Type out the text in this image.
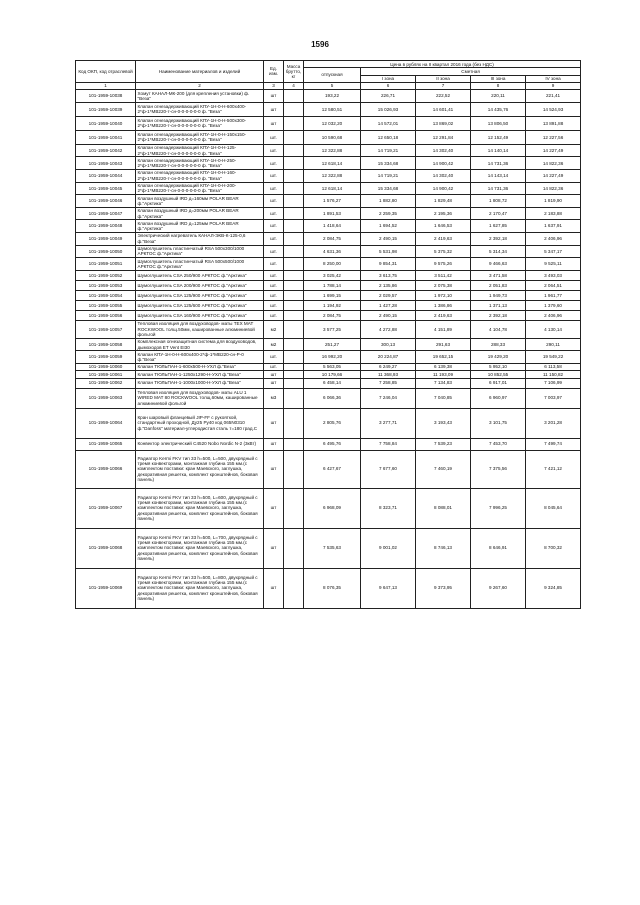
1596
Код ОКП, код отраслевой	Наименование материалов и изделий	Ед. изм.	Масса брутто, кг	Цена в рублях на II квартал 2016 года (без НДС)				
				отпускная	Сметная			
					I зона	II зона	III зона	IV зона
1	2	3	4	5	6	7	8	9
101-1959-10038	Хомут КАНАЛ-МК-200 (для крепления установки) ф. "Веза"	шт		193,22	226,71	222,52	220,11	221,41
101-1959-10039	Клапан огнезадерживающий КПУ-1Н-0-Н-600х400-2*ф-1*МВ220-т-сн-0-0-0-0-0-0 ф. "Веза"	шт		12 580,51	15 026,93	14 601,41	14 435,76	14 524,93
101-1959-10040	Клапан огнезадерживающий КПУ-1Н-0-Н-500х300-2*ф-1*МВ220-т-сн-0-0-0-0-0-0 ф. "Веза"	шт		12 032,20	14 572,01	13 869,02	13 806,50	13 891,88
101-1959-10041	Клапан огнезадерживающий КПУ-1Н-0-Н-150х150-2*ф-1*МВ220-т-сн-0-0-0-0-0-0 ф. "Веза"	шт.		10 590,68	12 650,18	12 291,84	12 152,49	12 227,56
101-1959-10042	Клапан огнезадерживающий КПУ-1Н-0-Н-125-2*ф-1*МВ220-т-сн-0-0-0-0-0-0 ф. "Веза"	шт.		12 322,88	14 719,21	14 302,40	14 140,14	14 227,49
101-1959-10043	Клапан огнезадерживающий КПУ-1Н-0-Н-250-2*ф-1*МВ220-т-сн-0-0-0-0-0-0 ф. "Веза"	шт.		12 618,14	15 334,68	14 900,42	14 731,36	14 822,36
101-1959-10044	Клапан огнезадерживающий КПУ-1Н-0-Н-160-2*ф-1*МВ220-т-сн-0-0-0-0-0-0 ф. "Веза"	шт.		12 322,88	14 719,21	14 302,40	14 143,14	14 227,49
101-1959-10045	Клапан огнезадерживающий КПУ-1Н-0-Н-200-2*ф-1*МВ220-т-сн-0-0-0-0-0-0 ф. "Веза"	шт.		12 618,14	15 334,68	14 900,42	14 731,36	14 822,36
101-1959-10046	Клапан воздушный IRD д=160мм POLAR BEAR ф."Арктика"	шт.		1 576,27	1 882,80	1 829,48	1 808,72	1 819,90
101-1959-10047	Клапан воздушный IRD д=200мм POLAR BEAR ф."Арктика"	шт.		1 891,53	2 259,35	2 195,36	2 170,47	2 183,88
101-1959-10048	Клапан воздушный IRD д=125мм POLAR BEAR ф."Арктика"	шт.		1 418,64	1 694,52	1 646,53	1 627,85	1 637,91
101-1959-10049	Электрический нагреватель КАНАЛ-ЭКВ-К-125-0,6 ф."Веза"	шт.		2 084,75	2 490,15	2 419,63	2 392,18	2 406,96
101-1959-10050	Шумоглушитель пластинчатый RSA 500х300/1000 АРКТОС ф."Арктика"	шт.		4 631,36	5 531,98	5 375,32	5 314,34	5 347,17
101-1959-10051	Шумоглушитель пластинчатый RSA 500х500/1000 АРКТОС ф."Арктика"	шт.		8 250,00	9 854,31	9 575,26	9 466,63	9 525,11
101-1959-10052	Шумоглушитель CSA 250/900 АРКТОС ф."Арктика"	шт.		3 025,42	3 613,75	3 511,42	3 471,58	3 493,03
101-1959-10053	Шумоглушитель CSA 200/900 АРКТОС ф."Арктика"	шт.		1 788,14	2 135,86	2 075,38	2 051,83	2 064,51
101-1959-10054	Шумоглушитель CSA 125/900 АРКТОС ф."Арктика"	шт.		1 699,15	2 029,57	1 972,10	1 949,73	1 961,77
101-1959-10055	Шумоглушитель CSA 125/600 АРКТОС ф."Арктика"	шт.		1 194,92	1 427,28	1 386,86	1 371,13	1 379,60
101-1959-10056	Шумоглушитель CSA 160/900 АРКТОС ф."Арктика"	шт.		2 084,75	2 490,15	2 419,63	2 392,18	2 406,96
101-1959-10057	Тепловая изоляция для воздуховодов- маты TEX MAT ROCKWOOL толщ.50мм, кашированные алюминиевой фольгой	м2		3 577,25	4 272,88	4 151,89	4 104,78	4 130,14
101-1959-10058	Комплексная огнезащитная система для воздуховодов, дымоходов ET Vent EI30	м2		251,27	300,13	291,63	288,33	290,11
101-1959-10059	Клапан КПУ-1Н-0-Н-600х400-2*ф-1*МВ220-сн-Р-0 ф."Веза"	шт.		16 992,20	20 224,87	19 652,15	19 429,20	19 549,22
101-1959-10060	Клапан ТЮЛЬПАН-1-600х500-Н-УХЛ ф."Веза"	шт.		5 563,05	6 249,27	6 139,38	5 952,10	6 113,58
101-1959-10061	Клапан ТЮЛЬПАН-1-1250х1290-Н-УХЛ ф."Веза"	шт		10 179,66	11 368,93	11 193,09	10 852,55	11 150,82
101-1959-10062	Клапан ТЮЛЬПАН-1-1000х1000-Н-УХЛ ф."Веза"	шт		6 458,14	7 258,85	7 134,83	6 917,01	7 106,99
101-1959-10063	Тепловая изоляция для воздуховодов- маты ALU 1 WIRED MAT 80 ROCKWOOL толщ.60мм, кашированные алюминиевой фольгой	м3		6 066,36	7 246,04	7 040,85	6 960,97	7 003,97
101-1959-10064	Кран шаровый фланцевый JIP-FF с рукояткой, стандартный проходной, Ду25 Ру40 код 065N0310 ф."Danfoss" материал-углеродистая сталь т=180 град.С	шт		2 805,76	3 277,71	3 193,43	3 101,75	3 201,28
101-1959-10065	Конвектор электрический C4520 Nobo Nordic N-2 (3кВт)	шт		6 495,76	7 758,84	7 539,23	7 453,70	7 499,74
101-1959-10066	Радиатор Kermi FKV тип 33 h=500, L=500, двухрядный с тремя конвекторами, монтажная глубина 155 мм.(с комплектом поставки: кран Маевского, заглушка, декоративная решетка, комплект кронштейнов, боковая панель)	шт		6 427,67	7 677,60	7 460,19	7 375,56	7 421,12
101-1959-10067	Радиатор Kermi FKV тип 33 h=500, L=600, двухрядный с тремя конвекторами, монтажная глубина 155 мм.(с комплектом поставки: кран Маевского, заглушка, декоративная решетка, комплект кронштейнов, боковая панель)	шт		6 968,09	8 323,71	8 088,01	7 996,25	8 045,64
101-1959-10068	Радиатор Kermi FKV тип 33 h=500, L=700, двухрядный с тремя конвекторами, монтажная глубина 155 мм.(с комплектом поставки: кран Маевского, заглушка, декоративная решетка, комплект кронштейнов, боковая панель)	шт		7 535,63	9 001,02	8 746,13	8 646,91	8 700,32
101-1959-10069	Радиатор Kermi FKV тип 33 h=500, L=800, двухрядный с тремя конвекторами, монтажная глубина 155 мм.(с комплектом поставки: кран Маевского, заглушка, декоративная решетка, комплект кронштейнов, боковая панель)	шт		8 076,35	9 647,13	9 373,95	9 267,60	9 324,85
